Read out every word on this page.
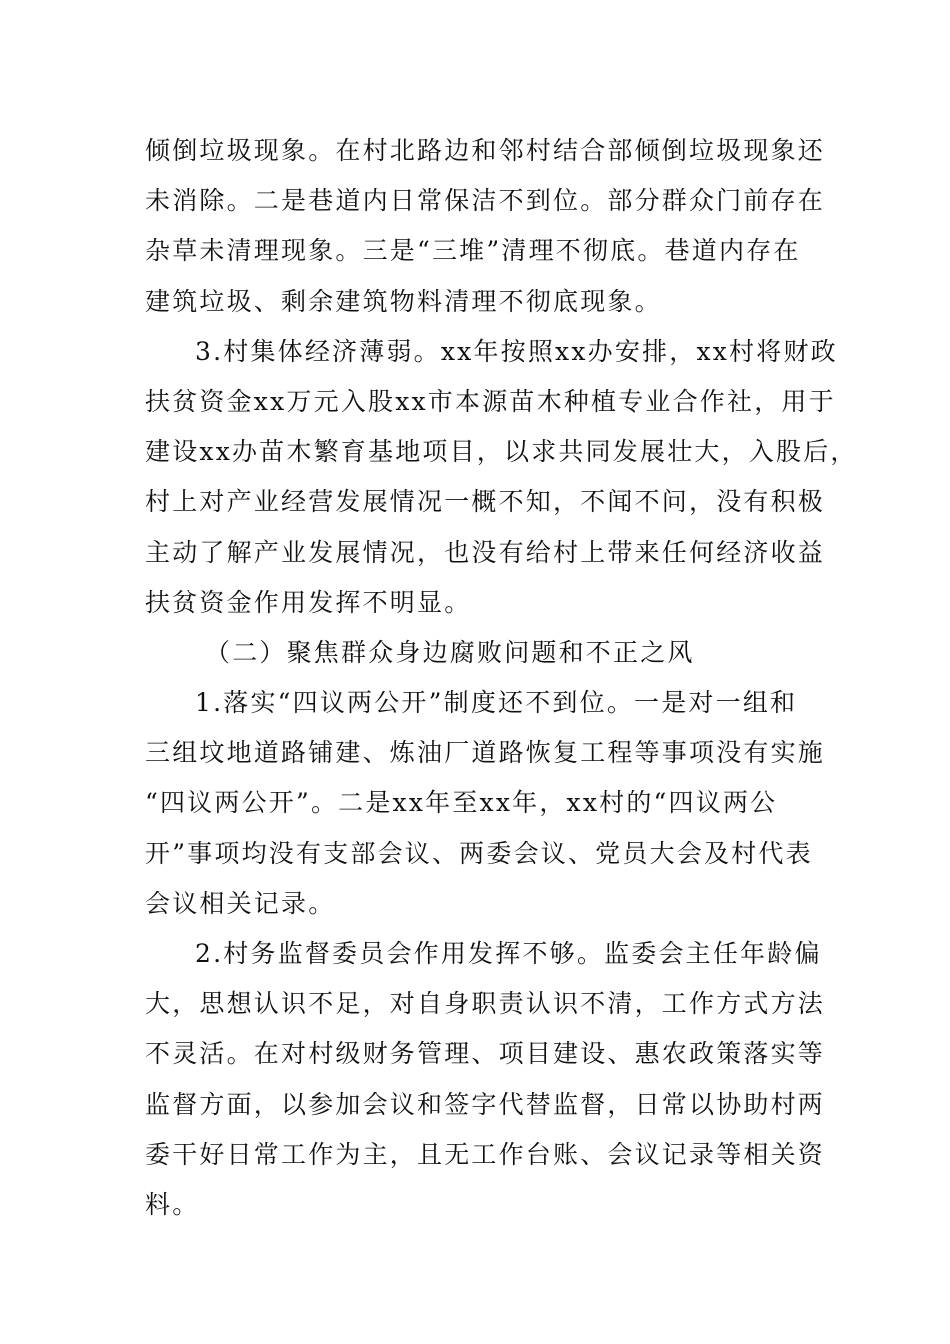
倾倒垃圾现象。在村北路边和邻村结合部倾倒垃圾现象还
未消除。二是巷道内日常保洁不到位。部分群众门前存在
杂草未清理现象。三是“三堆”清理不彻底。巷道内存在
建筑垃圾、剩余建筑物料清理不彻底现象。
3.村集体经济薄弱。xx年按照xx办安排，xx村将财政
扶贫资金xx万元入股xx市本源苗木种植专业合作社，用于
建设xx办苗木繁育基地项目，以求共同发展壮大，入股后，
村上对产业经营发展情况一概不知，不闻不问，没有积极
主动了解产业发展情况，也没有给村上带来任何经济收益
扶贫资金作用发挥不明显。
（二）聚焦群众身边腐败问题和不正之风
1.落实“四议两公开”制度还不到位。一是对一组和
三组坟地道路铺建、炼油厂道路恢复工程等事项没有实施
“四议两公开”。二是xx年至xx年，xx村的“四议两公
开”事项均没有支部会议、两委会议、党员大会及村代表
会议相关记录。
2.村务监督委员会作用发挥不够。监委会主任年龄偏
大，思想认识不足，对自身职责认识不清，工作方式方法
不灵活。在对村级财务管理、项目建设、惠农政策落实等
监督方面，以参加会议和签字代替监督，日常以协助村两
委干好日常工作为主，且无工作台账、会议记录等相关资
料。
